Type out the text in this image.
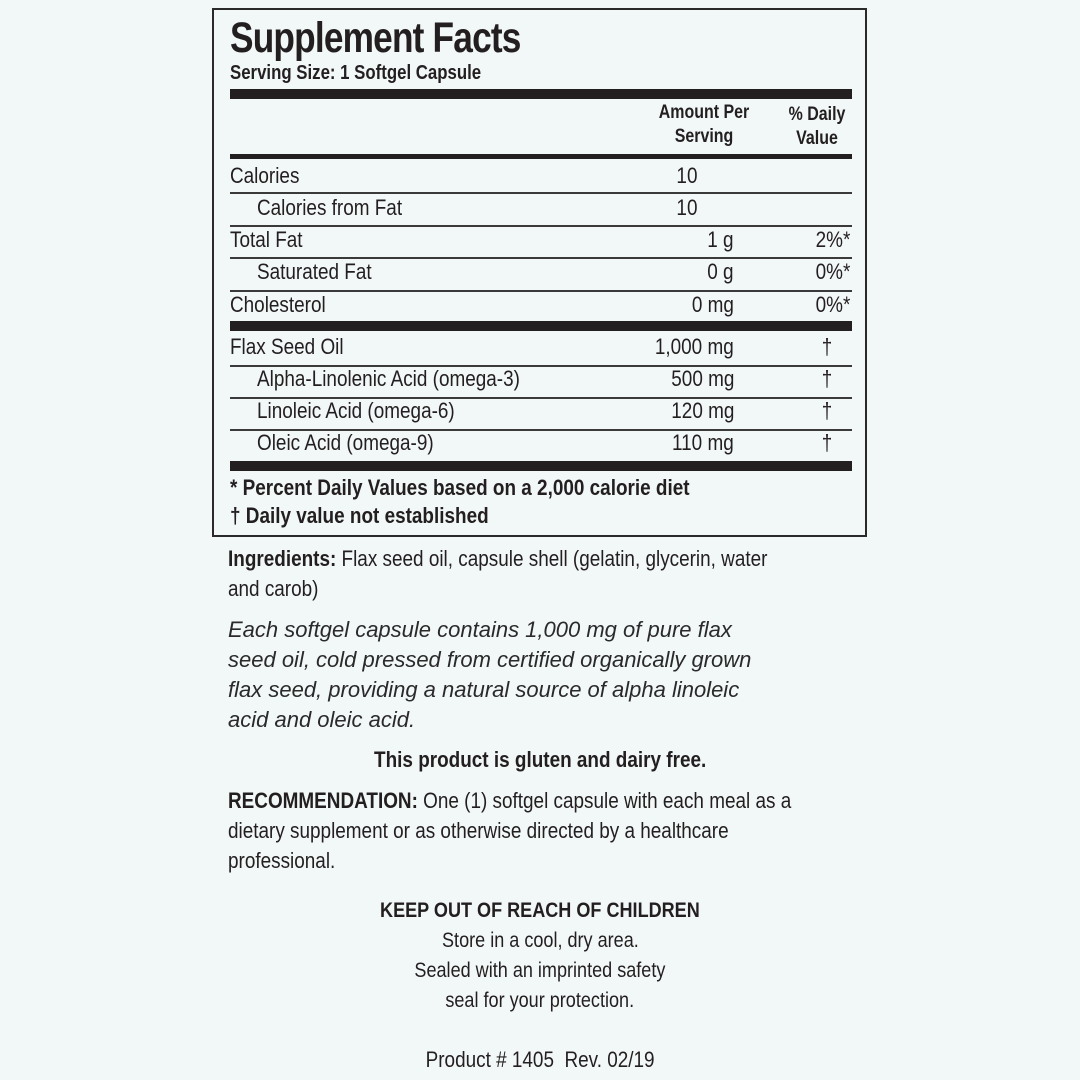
Supplement Facts
Serving Size: 1 Softgel Capsule
Amount Per
Serving
% Daily
Value
Calories	10
Calories from Fat	10
Total Fat	1 g	2%*
Saturated Fat	0 g	0%*
Cholesterol	0 mg	0%*
Flax Seed Oil	1,000 mg	†
Alpha-Linolenic Acid (omega-3)	500 mg	†
Linoleic Acid (omega-6)	120 mg	†
Oleic Acid (omega-9)	110 mg	†
* Percent Daily Values based on a 2,000 calorie diet
† Daily value not established
Ingredients: Flax seed oil, capsule shell (gelatin, glycerin, water
and carob)
Each softgel capsule contains 1,000 mg of pure flax
seed oil, cold pressed from certified organically grown
flax seed, providing a natural source of alpha linoleic
acid and oleic acid.
This product is gluten and dairy free.
RECOMMENDATION: One (1) softgel capsule with each meal as a
dietary supplement or as otherwise directed by a healthcare
professional.
KEEP OUT OF REACH OF CHILDREN
Store in a cool, dry area.
Sealed with an imprinted safety
seal for your protection.
Product # 1405  Rev. 02/19
